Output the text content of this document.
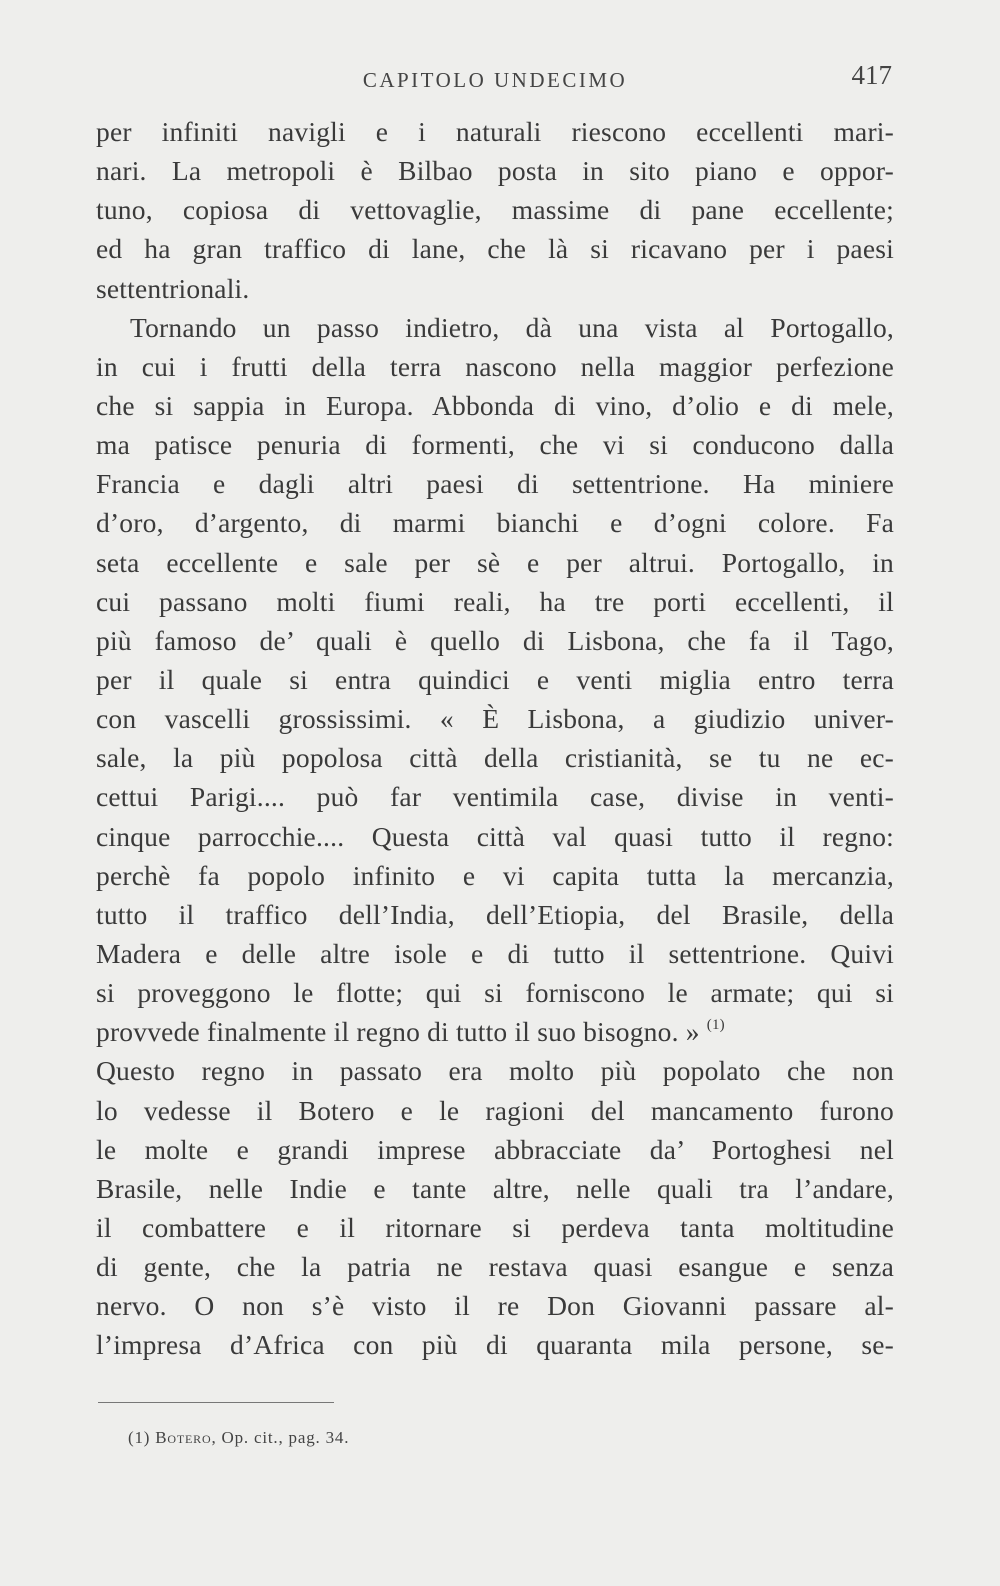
CAPITOLO UNDECIMO	417
per infiniti navigli e i naturali riescono eccellenti mari-
nari. La metropoli è Bilbao posta in sito piano e oppor-
tuno, copiosa di vettovaglie, massime di pane eccellente;
ed ha gran traffico di lane, che là si ricavano per i paesi
settentrionali.
Tornando un passo indietro, dà una vista al Portogallo,
in cui i frutti della terra nascono nella maggior perfezione
che si sappia in Europa. Abbonda di vino, d’olio e di mele,
ma patisce penuria di formenti, che vi si conducono dalla
Francia e dagli altri paesi di settentrione. Ha miniere
d’oro, d’argento, di marmi bianchi e d’ogni colore. Fa
seta eccellente e sale per sè e per altrui. Portogallo, in
cui passano molti fiumi reali, ha tre porti eccellenti, il
più famoso de’ quali è quello di Lisbona, che fa il Tago,
per il quale si entra quindici e venti miglia entro terra
con vascelli grossissimi. « È Lisbona, a giudizio univer-
sale, la più popolosa città della cristianità, se tu ne ec-
cettui Parigi.... può far ventimila case, divise in venti-
cinque parrocchie.... Questa città val quasi tutto il regno:
perchè fa popolo infinito e vi capita tutta la mercanzia,
tutto il traffico dell’India, dell’Etiopia, del Brasile, della
Madera e delle altre isole e di tutto il settentrione. Quivi
si proveggono le flotte; qui si forniscono le armate; qui si
provvede finalmente il regno di tutto il suo bisogno. » $^{(1)}$
Questo regno in passato era molto più popolato che non
lo vedesse il Botero e le ragioni del mancamento furono
le molte e grandi imprese abbracciate da’ Portoghesi nel
Brasile, nelle Indie e tante altre, nelle quali tra l’andare,
il combattere e il ritornare si perdeva tanta moltitudine
di gente, che la patria ne restava quasi esangue e senza
nervo. O non s’è visto il re Don Giovanni passare al-
l’impresa d’Africa con più di quaranta mila persone, se-
(1) Botero, Op. cit., pag. 34.
